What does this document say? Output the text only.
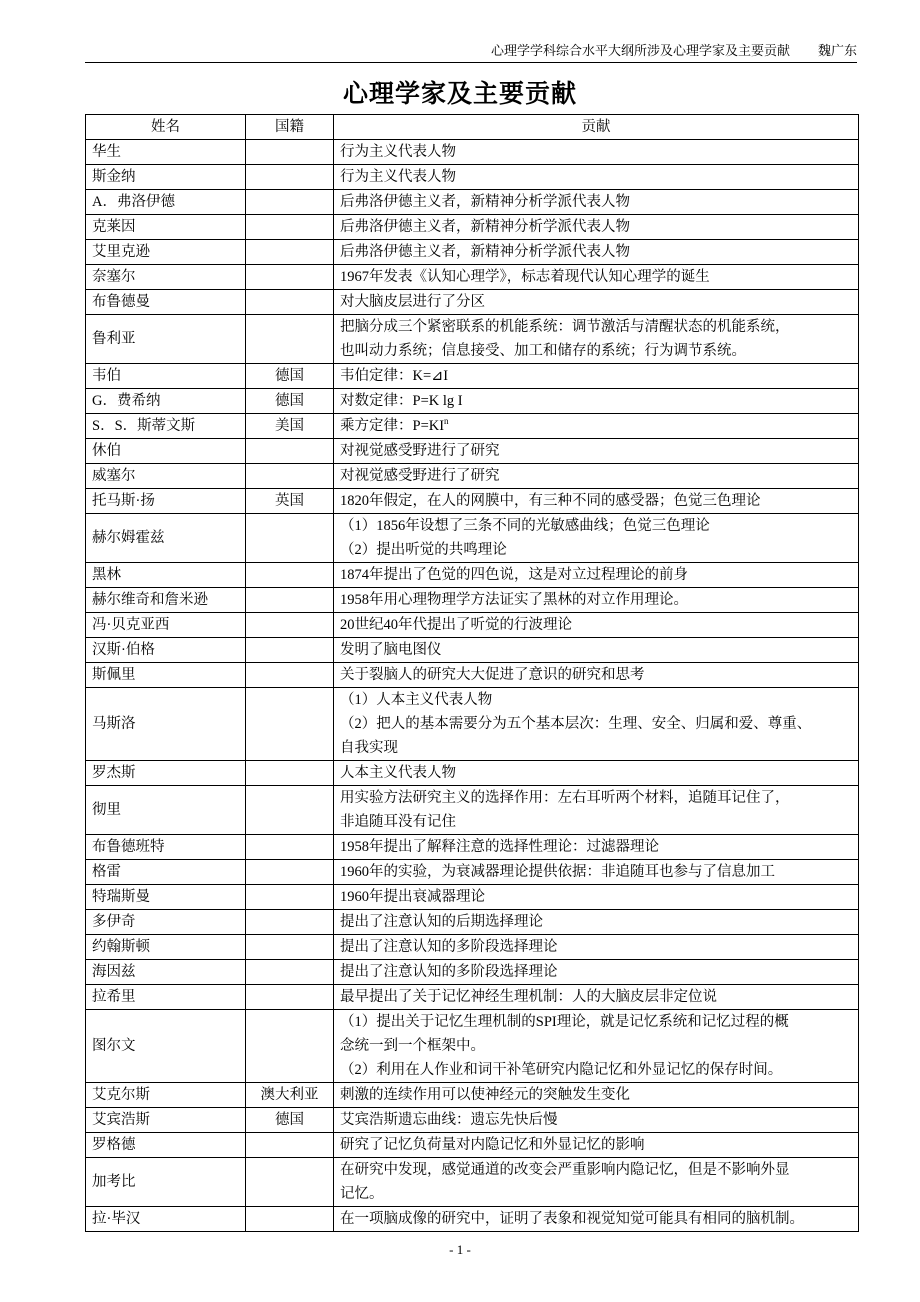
心理学学科综合水平大纲所涉及心理学家及主要贡献 魏广东
心理学家及主要贡献
姓名	国籍	贡献
华生		行为主义代表人物

斯金纳		行为主义代表人物

A．弗洛伊德		后弗洛伊德主义者，新精神分析学派代表人物

克莱因		后弗洛伊德主义者，新精神分析学派代表人物

艾里克逊		后弗洛伊德主义者，新精神分析学派代表人物

奈塞尔		1967年发表《认知心理学》，标志着现代认知心理学的诞生

布鲁德曼		对大脑皮层进行了分区

鲁利亚		把脑分成三个紧密联系的机能系统：调节激活与清醒状态的机能系统，
也叫动力系统；信息接受、加工和储存的系统；行为调节系统。

韦伯	德国	韦伯定律：K=⊿I

G．费希纳	德国	对数定律：P=K lg I

S．S．斯蒂文斯	美国	乘方定律：$P=KI^n$

休伯		对视觉感受野进行了研究

威塞尔		对视觉感受野进行了研究

托马斯·扬	英国	1820年假定，在人的网膜中，有三种不同的感受器；色觉三色理论

赫尔姆霍兹		（1）1856年设想了三条不同的光敏感曲线；色觉三色理论
（2）提出听觉的共鸣理论

黑林		1874年提出了色觉的四色说，这是对立过程理论的前身

赫尔维奇和詹米逊		1958年用心理物理学方法证实了黑林的对立作用理论。

冯·贝克亚西		20世纪40年代提出了听觉的行波理论

汉斯·伯格		发明了脑电图仪

斯佩里		关于裂脑人的研究大大促进了意识的研究和思考

马斯洛		（1）人本主义代表人物
（2）把人的基本需要分为五个基本层次：生理、安全、归属和爱、尊重、
自我实现

罗杰斯		人本主义代表人物

彻里		用实验方法研究主义的选择作用：左右耳听两个材料，追随耳记住了，
非追随耳没有记住

布鲁德班特		1958年提出了解释注意的选择性理论：过滤器理论

格雷		1960年的实验，为衰减器理论提供依据：非追随耳也参与了信息加工

特瑞斯曼		1960年提出衰减器理论

多伊奇		提出了注意认知的后期选择理论

约翰斯顿		提出了注意认知的多阶段选择理论

海因兹		提出了注意认知的多阶段选择理论

拉希里		最早提出了关于记忆神经生理机制：人的大脑皮层非定位说

图尔文		（1）提出关于记忆生理机制的SPI理论，就是记忆系统和记忆过程的概
念统一到一个框架中。
（2）利用在人作业和词干补笔研究内隐记忆和外显记忆的保存时间。

艾克尔斯	澳大利亚	刺激的连续作用可以使神经元的突触发生变化

艾宾浩斯	德国	艾宾浩斯遗忘曲线：遗忘先快后慢

罗格德		研究了记忆负荷量对内隐记忆和外显记忆的影响

加考比		在研究中发现，感觉通道的改变会严重影响内隐记忆，但是不影响外显
记忆。

拉·毕汉		在一项脑成像的研究中，证明了表象和视觉知觉可能具有相同的脑机制。
- 1 -
